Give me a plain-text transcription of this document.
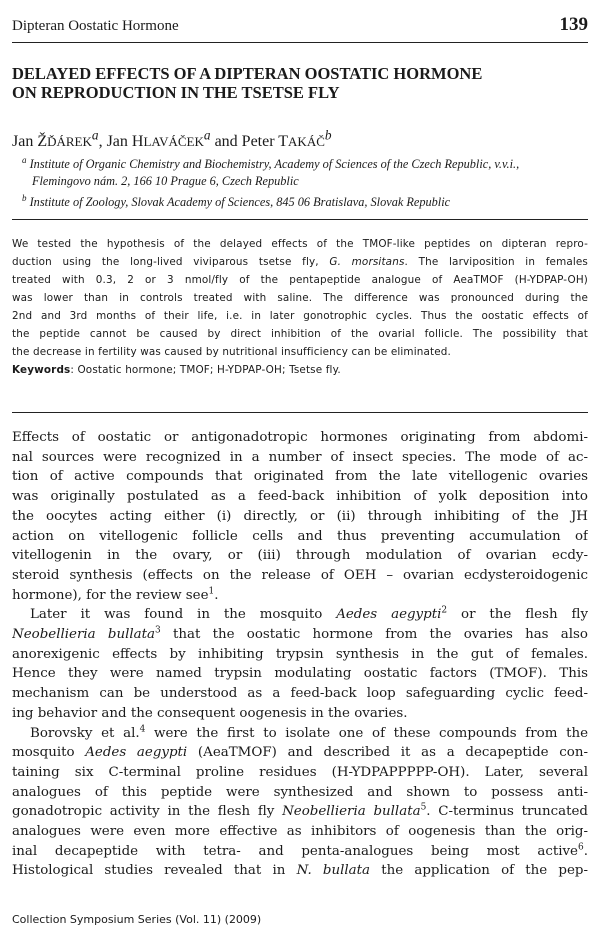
Dipteran Oostatic Hormone	139
DELAYED EFFECTS OF A DIPTERAN OOSTATIC HORMONE
ON REPRODUCTION IN THE TSETSE FLY
Jan ŽĎÁREK$^a$, Jan HLAVÁČEK$^a$ and Peter TAKÁČ$^b$
$^a$ Institute of Organic Chemistry and Biochemistry, Academy of Sciences of the Czech Republic, v.v.i.,
Flemingovo nám. 2, 166 10 Prague 6, Czech Republic
$^b$ Institute of Zoology, Slovak Academy of Sciences, 845 06 Bratislava, Slovak Republic
We tested the hypothesis of the delayed effects of the TMOF-like peptides on dipteran repro-
duction using the long-lived viviparous tsetse fly, G. morsitans. The larviposition in females
treated with 0.3, 2 or 3 nmol/fly of the pentapeptide analogue of AeaTMOF (H-YDPAP-OH)
was lower than in controls treated with saline. The difference was pronounced during the
2nd and 3rd months of their life, i.e. in later gonotrophic cycles. Thus the oostatic effects of
the peptide cannot be caused by direct inhibition of the ovarial follicle. The possibility that
the decrease in fertility was caused by nutritional insufficiency can be eliminated.
Keywords: Oostatic hormone; TMOF; H-YDPAP-OH; Tsetse fly.
Effects of oostatic or antigonadotropic hormones originating from abdomi-
nal sources were recognized in a number of insect species. The mode of ac-
tion of active compounds that originated from the late vitellogenic ovaries
was originally postulated as a feed-back inhibition of yolk deposition into
the oocytes acting either (i) directly, or (ii) through inhibiting of the JH
action on vitellogenic follicle cells and thus preventing accumulation of
vitellogenin in the ovary, or (iii) through modulation of ovarian ecdy-
steroid synthesis (effects on the release of OEH – ovarian ecdysteroidogenic
hormone), for the review see$^1$.
Later it was found in the mosquito Aedes aegypti$^2$ or the flesh fly
Neobellieria bullata$^3$ that the oostatic hormone from the ovaries has also
anorexigenic effects by inhibiting trypsin synthesis in the gut of females.
Hence they were named trypsin modulating oostatic factors (TMOF). This
mechanism can be understood as a feed-back loop safeguarding cyclic feed-
ing behavior and the consequent oogenesis in the ovaries.
Borovsky et al.$^4$ were the first to isolate one of these compounds from the
mosquito Aedes aegypti (AeaTMOF) and described it as a decapeptide con-
taining six C-terminal proline residues (H-YDPAPPPPP-OH). Later, several
analogues of this peptide were synthesized and shown to possess anti-
gonadotropic activity in the flesh fly Neobellieria bullata$^5$. C-terminus truncated
analogues were even more effective as inhibitors of oogenesis than the orig-
inal decapeptide with tetra- and penta-analogues being most active$^6$.
Histological studies revealed that in N. bullata the application of the pep-
Collection Symposium Series (Vol. 11) (2009)
